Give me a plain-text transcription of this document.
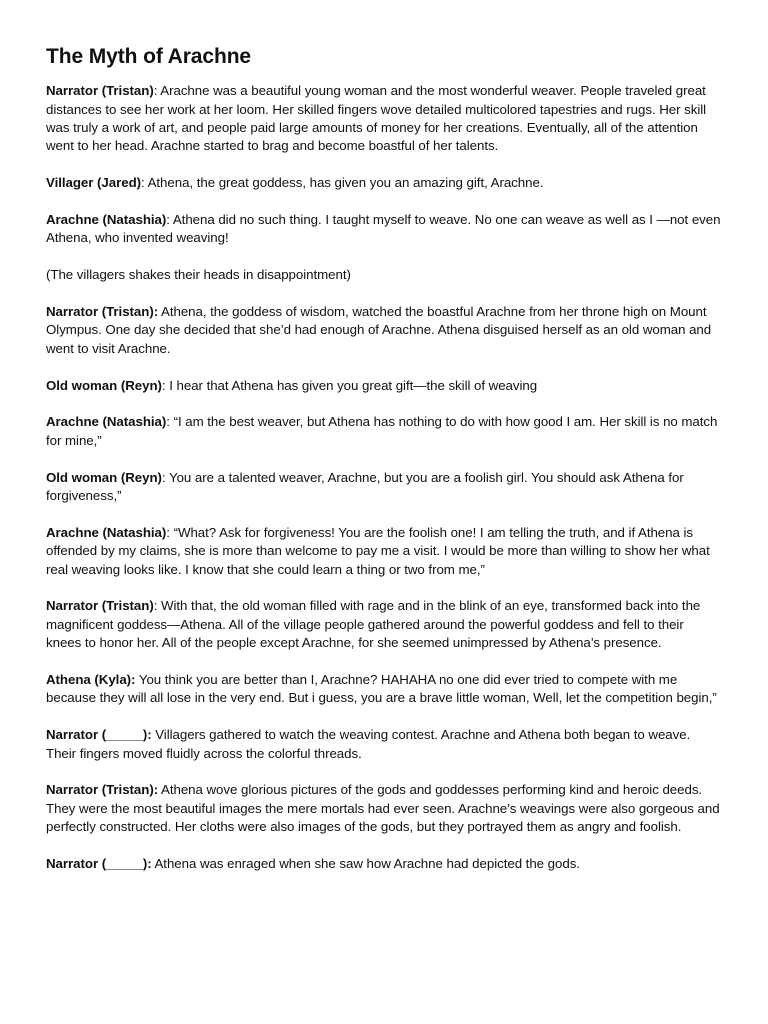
The Myth of Arachne

Narrator (Tristan): Arachne was a beautiful young woman and the most wonderful weaver. People traveled great distances to see her work at her loom. Her skilled fingers wove detailed multicolored tapestries and rugs. Her skill was truly a work of art, and people paid large amounts of money for her creations. Eventually, all of the attention went to her head. Arachne started to brag and become boastful of her talents.

Villager (Jared): Athena, the great goddess, has given you an amazing gift, Arachne.

Arachne (Natashia): Athena did no such thing. I taught myself to weave. No one can weave as well as I —not even Athena, who invented weaving!

(The villagers shakes their heads in disappointment)

Narrator (Tristan): Athena, the goddess of wisdom, watched the boastful Arachne from her throne high on Mount Olympus. One day she decided that she’d had enough of Arachne. Athena disguised herself as an old woman and went to visit Arachne.

Old woman (Reyn): I hear that Athena has given you great gift—the skill of weaving

Arachne (Natashia): “I am the best weaver, but Athena has nothing to do with how good I am. Her skill is no match for mine,”

Old woman (Reyn): You are a talented weaver, Arachne, but you are a foolish girl. You should ask Athena for forgiveness,”

Arachne (Natashia): “What? Ask for forgiveness! You are the foolish one! I am telling the truth, and if Athena is offended by my claims, she is more than welcome to pay me a visit. I would be more than willing to show her what real weaving looks like. I know that she could learn a thing or two from me,”

Narrator (Tristan): With that, the old woman filled with rage and in the blink of an eye, transformed back into the magnificent goddess—Athena. All of the village people gathered around the powerful goddess and fell to their knees to honor her. All of the people except Arachne, for she seemed unimpressed by Athena’s presence.

Athena (Kyla): You think you are better than I, Arachne? HAHAHA no one did ever tried to compete with me because they will all lose in the very end. But i guess, you are a brave little woman, Well, let the competition begin,”

Narrator (_____): Villagers gathered to watch the weaving contest. Arachne and Athena both began to weave. Their fingers moved fluidly across the colorful threads.

Narrator (Tristan): Athena wove glorious pictures of the gods and goddesses performing kind and heroic deeds. They were the most beautiful images the mere mortals had ever seen. Arachne’s weavings were also gorgeous and perfectly constructed. Her cloths were also images of the gods, but they portrayed them as angry and foolish.

Narrator (_____): Athena was enraged when she saw how Arachne had depicted the gods.
